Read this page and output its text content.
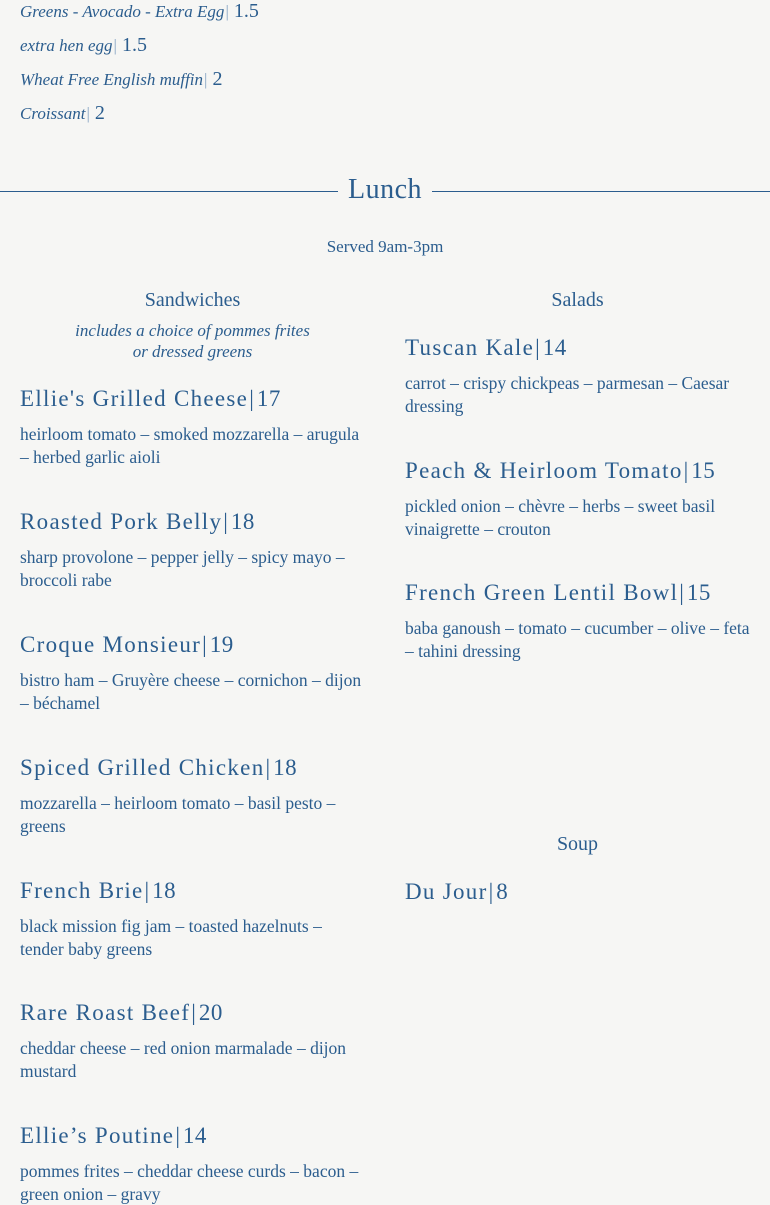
Greens - Avocado - Extra Egg| 1.5
extra hen egg| 1.5
Wheat Free English muffin| 2
Croissant| 2
Lunch
Served 9am-3pm
Sandwiches
includes a choice of pommes frites
or dressed greens
Ellie's Grilled Cheese| 17
heirloom tomato – smoked mozzarella – arugula – herbed garlic aioli
Roasted Pork Belly| 18
sharp provolone – pepper jelly – spicy mayo – broccoli rabe
Croque Monsieur| 19
bistro ham – Gruyère cheese – cornichon – dijon – béchamel
Spiced Grilled Chicken| 18
mozzarella – heirloom tomato – basil pesto – greens
French Brie| 18
black mission fig jam – toasted hazelnuts – tender baby greens
Rare Roast Beef| 20
cheddar cheese – red onion marmalade – dijon mustard
Ellie’s Poutine| 14
pommes frites – cheddar cheese curds – bacon – green onion – gravy
Salads
Tuscan Kale| 14
carrot – crispy chickpeas – parmesan – Caesar dressing
Peach & Heirloom Tomato| 15
pickled onion – chèvre – herbs – sweet basil vinaigrette – crouton
French Green Lentil Bowl| 15
baba ganoush – tomato – cucumber – olive – feta – tahini dressing
Soup
Du Jour| 8
